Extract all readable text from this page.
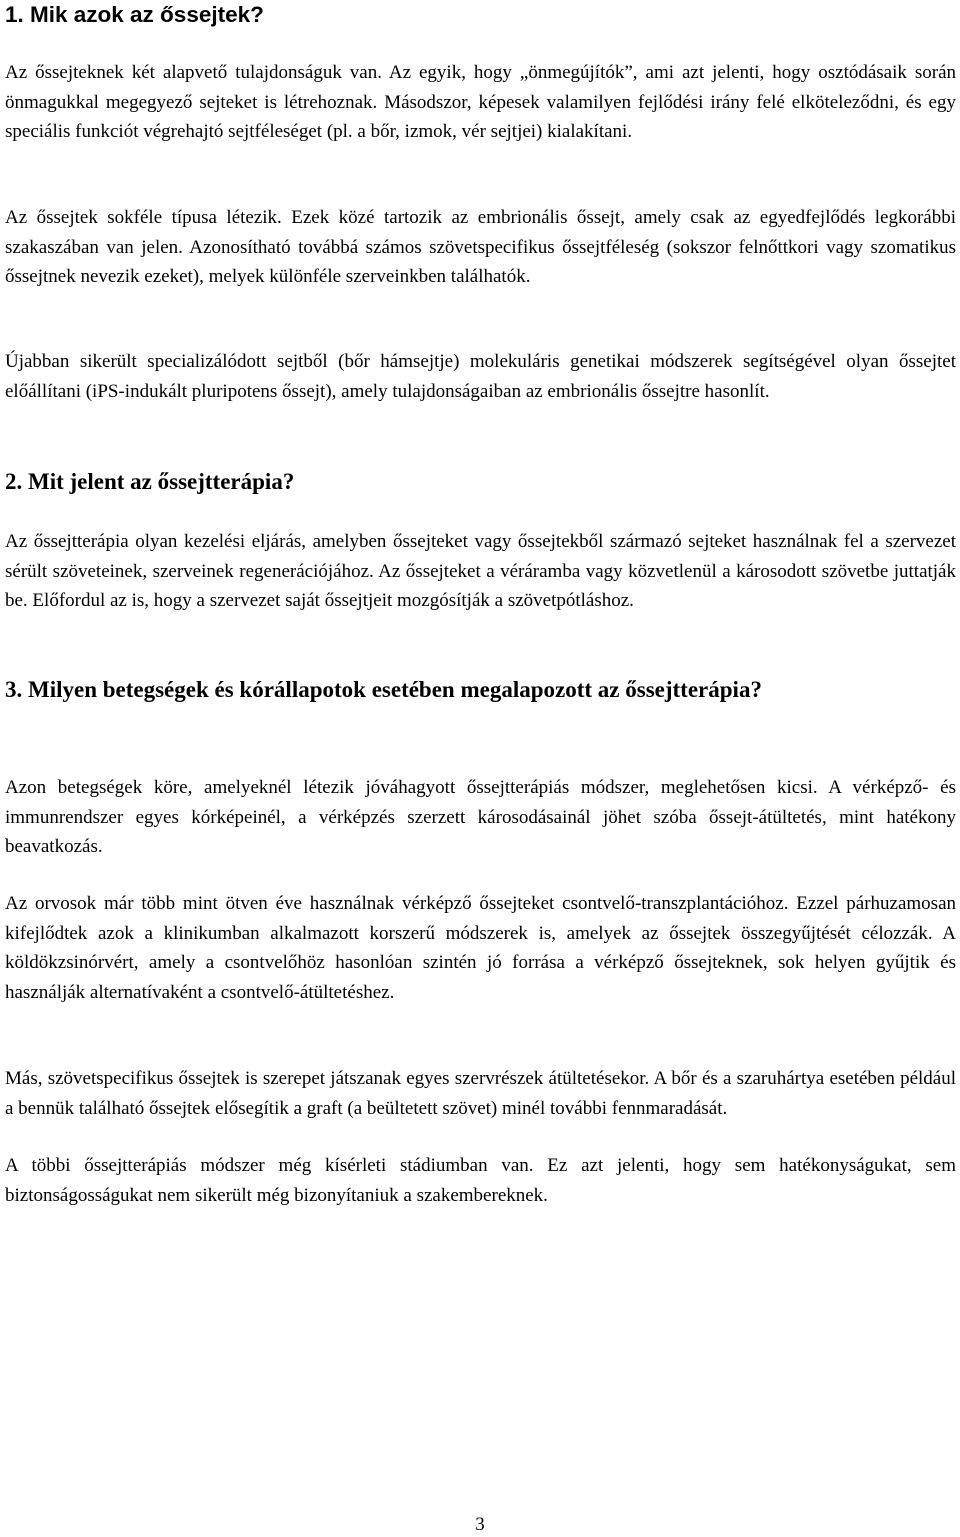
1. Mik azok az őssejtek?

Az őssejteknek két alapvető tulajdonságuk van. Az egyik, hogy „önmegújítók”, ami azt jelenti, hogy osztódásaik során önmagukkal megegyező sejteket is létrehoznak. Másodszor, képesek valamilyen fejlődési irány felé elköteleződni, és egy speciális funkciót végrehajtó sejtféleséget (pl. a bőr, izmok, vér sejtjei) kialakítani.

Az őssejtek sokféle típusa létezik. Ezek közé tartozik az embrionális őssejt, amely csak az egyedfejlődés legkorábbi szakaszában van jelen. Azonosítható továbbá számos szövetspecifikus őssejtféleség (sokszor felnőttkori vagy szomatikus őssejtnek nevezik ezeket), melyek különféle szerveinkben találhatók.

Újabban sikerült specializálódott sejtből (bőr hámsejtje) molekuláris genetikai módszerek segítségével olyan őssejtet előállítani (iPS-indukált pluripotens őssejt), amely tulajdonságaiban az embrionális őssejtre hasonlít.

2. Mit jelent az őssejtterápia?

Az őssejtterápia olyan kezelési eljárás, amelyben őssejteket vagy őssejtekből származó sejteket használnak fel a szervezet sérült szöveteinek, szerveinek regenerációjához. Az őssejteket a véráramba vagy közvetlenül a károsodott szövetbe juttatják be. Előfordul az is, hogy a szervezet saját őssejtjeit mozgósítják a szövetpótláshoz.

3. Milyen betegségek és kórállapotok esetében megalapozott az őssejtterápia?

Azon betegségek köre, amelyeknél létezik jóváhagyott őssejtterápiás módszer, meglehetősen kicsi. A vérképző- és immunrendszer egyes kórképeinél, a vérképzés szerzett károsodásainál jöhet szóba őssejt-átültetés, mint hatékony beavatkozás.

Az orvosok már több mint ötven éve használnak vérképző őssejteket csontvelő-transzplantációhoz. Ezzel párhuzamosan kifejlődtek azok a klinikumban alkalmazott korszerű módszerek is, amelyek az őssejtek összegyűjtését célozzák. A köldökzsinórvért, amely a csontvelőhöz hasonlóan szintén jó forrása a vérképző őssejteknek, sok helyen gyűjtik és használják alternatívaként a csontvelő-átültetéshez.

Más, szövetspecifikus őssejtek is szerepet játszanak egyes szervrészek átültetésekor. A bőr és a szaruhártya esetében például a bennük található őssejtek elősegítik a graft (a beültetett szövet) minél további fennmaradását.

A többi őssejtterápiás módszer még kísérleti stádiumban van. Ez azt jelenti, hogy sem hatékonyságukat, sem biztonságosságukat nem sikerült még bizonyítaniuk a szakembereknek.

3
